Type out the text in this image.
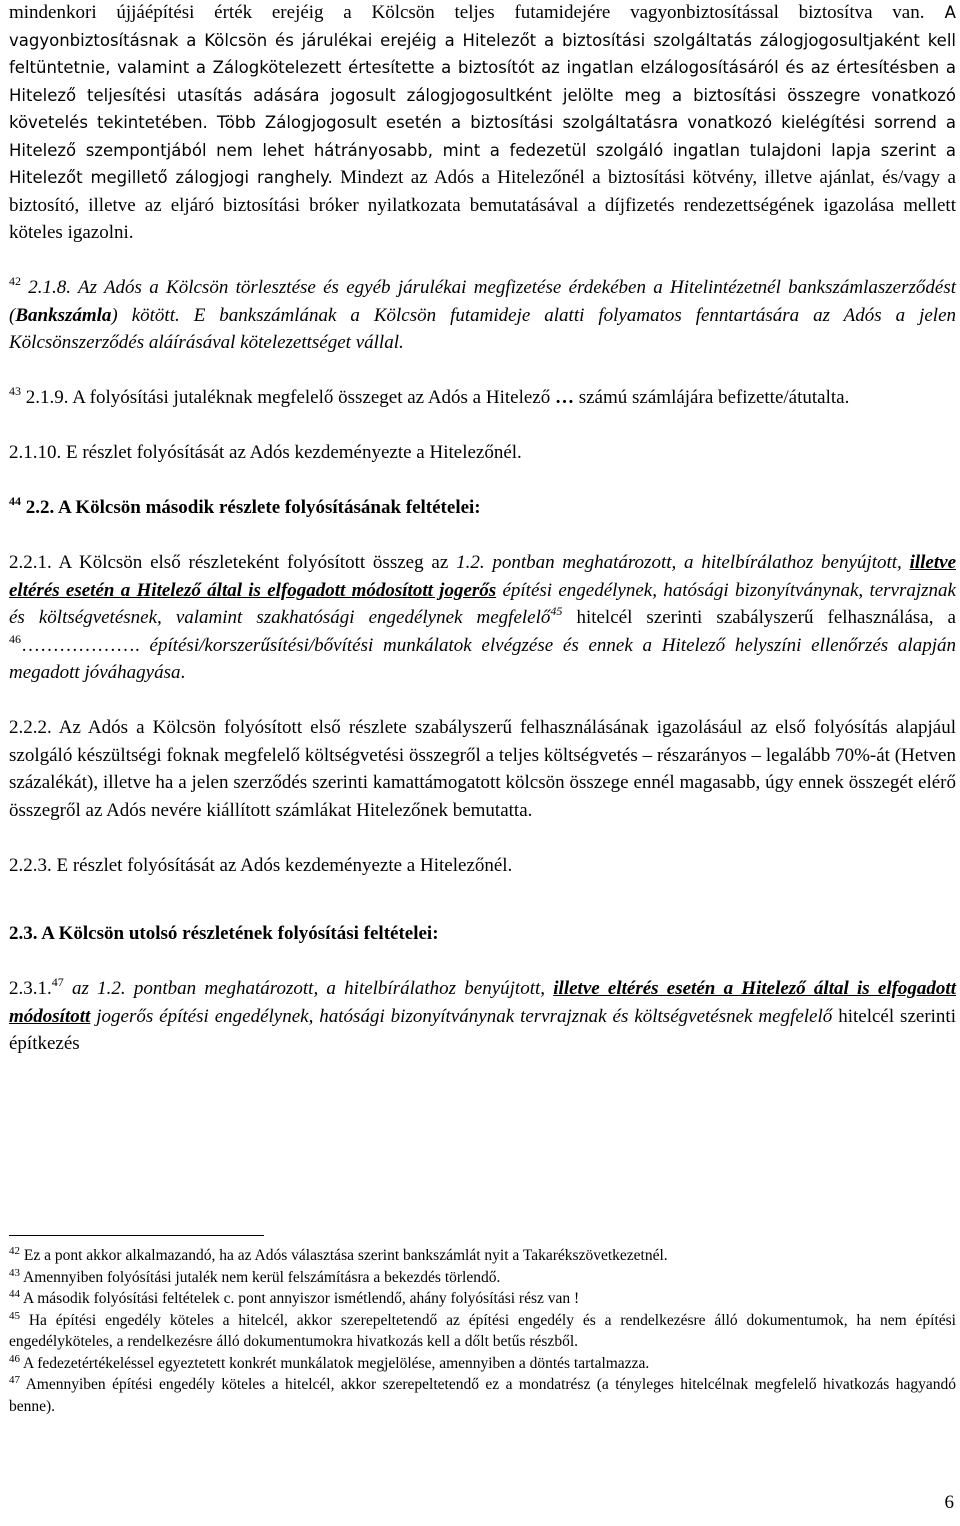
mindenkori újjáépítési érték erejéig a Kölcsön teljes futamidejére vagyonbiztosítással biztosítva van. A vagyonbiztosításnak a Kölcsön és járulékai erejéig a Hitelezőt a biztosítási szolgáltatás zálogjogosultjaként kell feltüntetnie, valamint a Zálogkötelezett értesítette a biztosítót az ingatlan elzálogosításáról és az értesítésben a Hitelező teljesítési utasítás adására jogosult zálogjogosultként jelölte meg a biztosítási összegre vonatkozó követelés tekintetében. Több Zálogjogosult esetén a biztosítási szolgáltatásra vonatkozó kielégítési sorrend a Hitelező szempontjából nem lehet hátrányosabb, mint a fedezetül szolgáló ingatlan tulajdoni lapja szerint a Hitelezőt megillető zálogjogi ranghely. Mindezt az Adós a Hitelezőnél a biztosítási kötvény, illetve ajánlat, és/vagy a biztosító, illetve az eljáró biztosítási bróker nyilatkozata bemutatásával a díjfizetés rendezettségének igazolása mellett köteles igazolni.

$^{42}$ 2.1.8. Az Adós a Kölcsön törlesztése és egyéb járulékai megfizetése érdekében a Hitelintézetnél bankszámlaszerződést (Bankszámla) kötött. E bankszámlának a Kölcsön futamideje alatti folyamatos fenntartására az Adós a jelen Kölcsönszerződés aláírásával kötelezettséget vállal.

$^{43}$ 2.1.9. A folyósítási jutaléknak megfelelő összeget az Adós a Hitelező … számú számlájára befizette/átutalta.

2.1.10. E részlet folyósítását az Adós kezdeményezte a Hitelezőnél.

$^{44}$ 2.2. A Kölcsön második részlete folyósításának feltételei:

2.2.1. A Kölcsön első részleteként folyósított összeg az 1.2. pontban meghatározott, a hitelbírálathoz benyújtott, illetve eltérés esetén a Hitelező által is elfogadott módosított jogerős építési engedélynek, hatósági bizonyítványnak, tervrajznak és költségvetésnek, valamint szakhatósági engedélynek megfelelő$^{45}$ hitelcél szerinti szabályszerű felhasználása, a $^{46}$………………. építési/korszerűsítési/bővítési munkálatok elvégzése és ennek a Hitelező helyszíni ellenőrzés alapján megadott jóváhagyása.

2.2.2. Az Adós a Kölcsön folyósított első részlete szabályszerű felhasználásának igazolásául az első folyósítás alapjául szolgáló készültségi foknak megfelelő költségvetési összegről a teljes költségvetés – részarányos – legalább 70%-át (Hetven százalékát), illetve ha a jelen szerződés szerinti kamattámogatott kölcsön összege ennél magasabb, úgy ennek összegét elérő összegről az Adós nevére kiállított számlákat Hitelezőnek bemutatta.

2.2.3. E részlet folyósítását az Adós kezdeményezte a Hitelezőnél.

2.3. A Kölcsön utolsó részletének folyósítási feltételei:

2.3.1.47 az 1.2. pontban meghatározott, a hitelbírálathoz benyújtott, illetve eltérés esetén a Hitelező által is elfogadott módosított jogerős építési engedélynek, hatósági bizonyítványnak tervrajznak és költségvetésnek megfelelő hitelcél szerinti építkezés

$^{42}$ Ez a pont akkor alkalmazandó, ha az Adós választása szerint bankszámlát nyit a Takarékszövetkezetnél.

$^{43}$ Amennyiben folyósítási jutalék nem kerül felszámításra a bekezdés törlendő.

$^{44}$ A második folyósítási feltételek c. pont annyiszor ismétlendő, ahány folyósítási rész van !

$^{45}$ Ha építési engedély köteles a hitelcél, akkor szerepeltetendő az építési engedély és a rendelkezésre álló dokumentumok, ha nem építési engedélyköteles, a rendelkezésre álló dokumentumokra hivatkozás kell a dőlt betűs részből.

$^{46}$ A fedezetértékeléssel egyeztetett konkrét munkálatok megjelölése, amennyiben a döntés tartalmazza.

$^{47}$ Amennyiben építési engedély köteles a hitelcél, akkor szerepeltetendő ez a mondatrész (a tényleges hitelcélnak megfelelő hivatkozás hagyandó benne).

6
